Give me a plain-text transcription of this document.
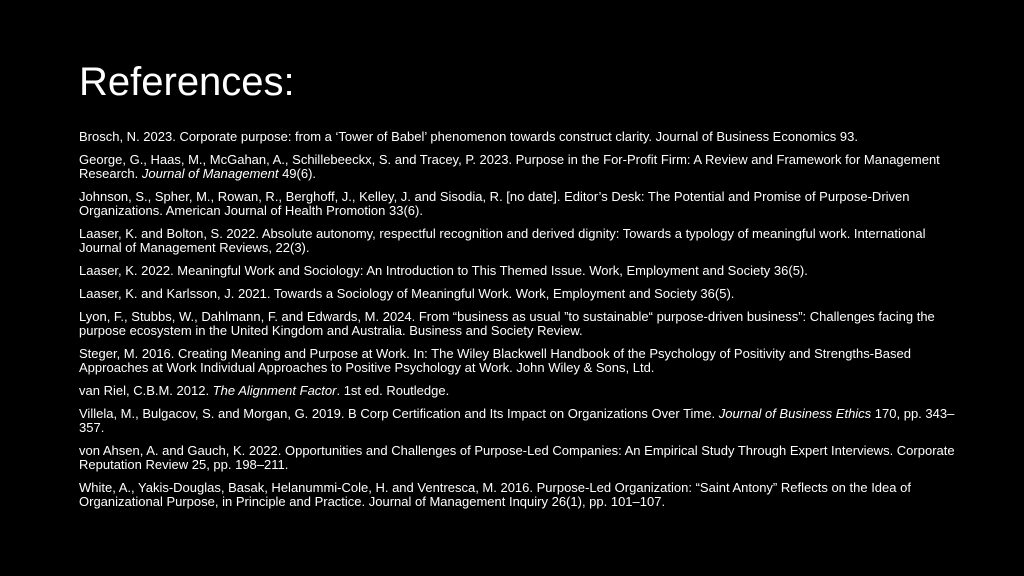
References:
Brosch, N. 2023. Corporate purpose: from a ‘Tower of Babel’ phenomenon towards construct clarity. Journal of Business Economics 93.
George, G., Haas, M., McGahan, A., Schillebeeckx, S. and Tracey, P. 2023. Purpose in the For-Profit Firm: A Review and Framework for Management Research. Journal of Management 49(6).
Johnson, S., Spher, M., Rowan, R., Berghoff, J., Kelley, J. and Sisodia, R. [no date]. Editor’s Desk: The Potential and Promise of Purpose-Driven Organizations. American Journal of Health Promotion 33(6).
Laaser, K. and Bolton, S. 2022. Absolute autonomy, respectful recognition and derived dignity: Towards a typology of meaningful work. International Journal of Management Reviews, 22(3).
Laaser, K. 2022. Meaningful Work and Sociology: An Introduction to This Themed Issue. Work, Employment and Society 36(5).
Laaser, K. and Karlsson, J. 2021. Towards a Sociology of Meaningful Work. Work, Employment and Society 36(5).
Lyon, F., Stubbs, W., Dahlmann, F. and Edwards, M. 2024. From “business as usual ”to sustainable“ purpose-driven business”: Challenges facing the purpose ecosystem in the United Kingdom and Australia. Business and Society Review.
Steger, M. 2016. Creating Meaning and Purpose at Work. In: The Wiley Blackwell Handbook of the Psychology of Positivity and Strengths-Based Approaches at Work Individual Approaches to Positive Psychology at Work. John Wiley & Sons, Ltd.
van Riel, C.B.M. 2012. The Alignment Factor. 1st ed. Routledge.
Villela, M., Bulgacov, S. and Morgan, G. 2019. B Corp Certification and Its Impact on Organizations Over Time. Journal of Business Ethics 170, pp. 343–357.
von Ahsen, A. and Gauch, K. 2022. Opportunities and Challenges of Purpose-Led Companies: An Empirical Study Through Expert Interviews. Corporate Reputation Review 25, pp. 198–211.
White, A., Yakis-Douglas, Basak, Helanummi-Cole, H. and Ventresca, M. 2016. Purpose-Led Organization: “Saint Antony” Reflects on the Idea of Organizational Purpose, in Principle and Practice. Journal of Management Inquiry 26(1), pp. 101–107.
